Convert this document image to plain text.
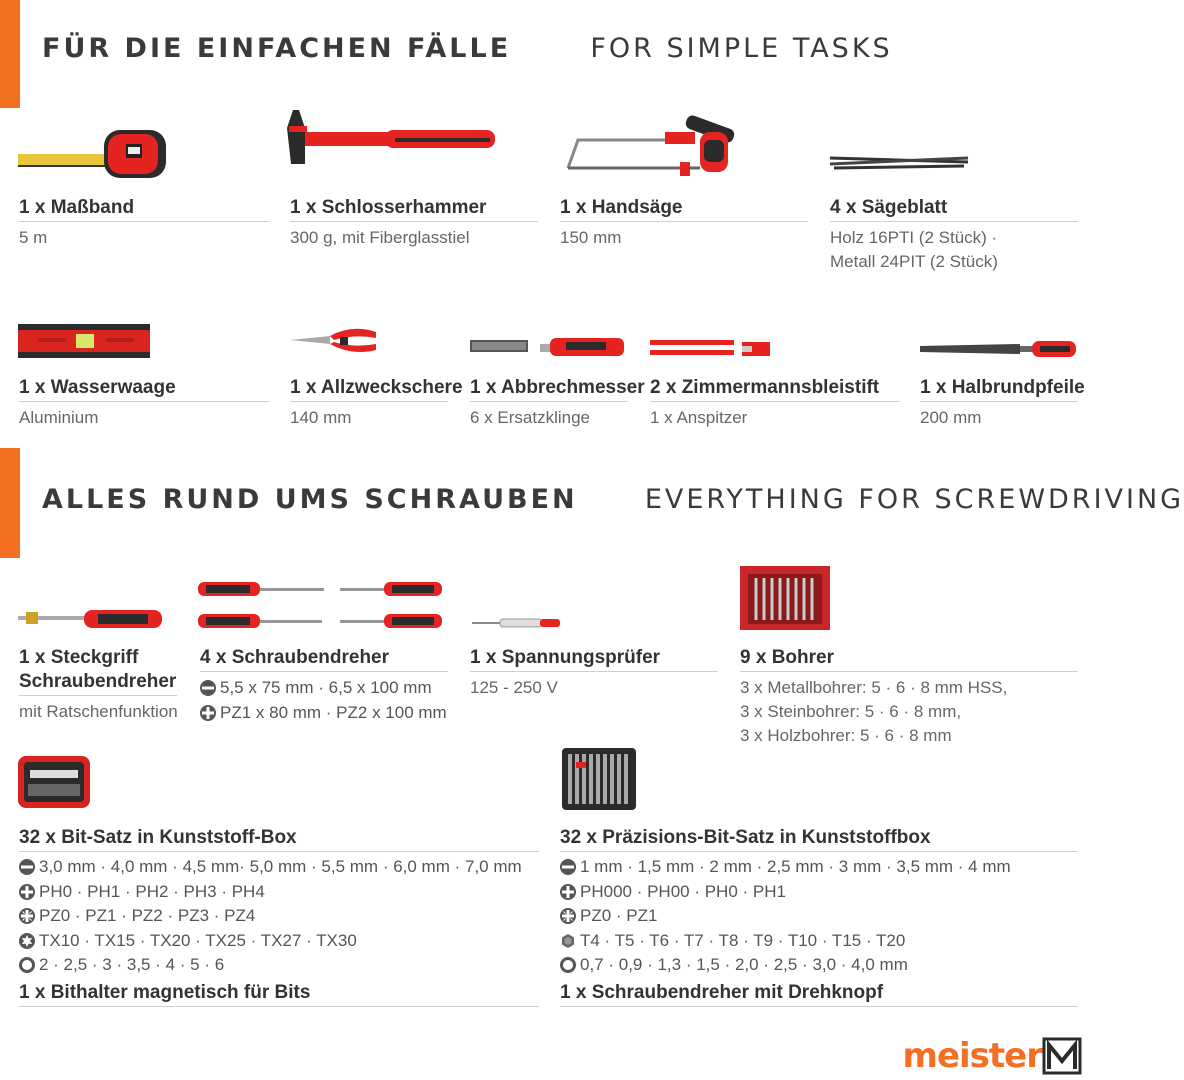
FÜR DIE EINFACHEN FÄLLE	FOR SIMPLE TASKS
1 x Maßband
5 m
1 x Schlosserhammer
300 g, mit Fiberglasstiel
1 x Handsäge
150 mm
4 x Sägeblatt
Holz 16PTI (2 Stück) ·
Metall 24PIT (2 Stück)
1 x Wasserwaage
Aluminium
1 x Allzweckschere
140 mm
1 x Abbrechmesser
6 x Ersatzklinge
2 x Zimmermannsbleistift
1 x Anspitzer
1 x Halbrundpfeile
200 mm
ALLES RUND UMS SCHRAUBEN EVERYTHING FOR SCREWDRIVING
1 x Steckgriff
Schraubendreher
mit Ratschenfunktion
4 x Schraubendreher
5,5 x 75 mm · 6,5 x 100 mm
PZ1 x 80 mm · PZ2 x 100 mm
1 x Spannungsprüfer
125 - 250 V
9 x Bohrer
3 x Metallbohrer: 5 · 6 · 8 mm HSS,
3 x Steinbohrer: 5 · 6 · 8 mm,
3 x Holzbohrer: 5 · 6 · 8 mm
32 x Bit-Satz in Kunststoff-Box
3,0 mm · 4,0 mm · 4,5 mm· 5,0 mm · 5,5 mm · 6,0 mm · 7,0 mm
PH0 · PH1 · PH2 · PH3 · PH4
PZ0 · PZ1 · PZ2 · PZ3 · PZ4
TX10 · TX15 · TX20 · TX25 · TX27 · TX30
2 · 2,5 · 3 · 3,5 · 4 · 5 · 6
1 x Bithalter magnetisch für Bits
32 x Präzisions-Bit-Satz in Kunststoffbox
1 mm · 1,5 mm · 2 mm · 2,5 mm · 3 mm · 3,5 mm · 4 mm
PH000 · PH00 · PH0 · PH1
PZ0 · PZ1
T4 · T5 · T6 · T7 · T8 · T9 · T10 · T15 · T20
0,7 · 0,9 · 1,3 · 1,5 · 2,0 · 2,5 · 3,0 · 4,0 mm
1 x Schraubendreher mit Drehknopf
meister
